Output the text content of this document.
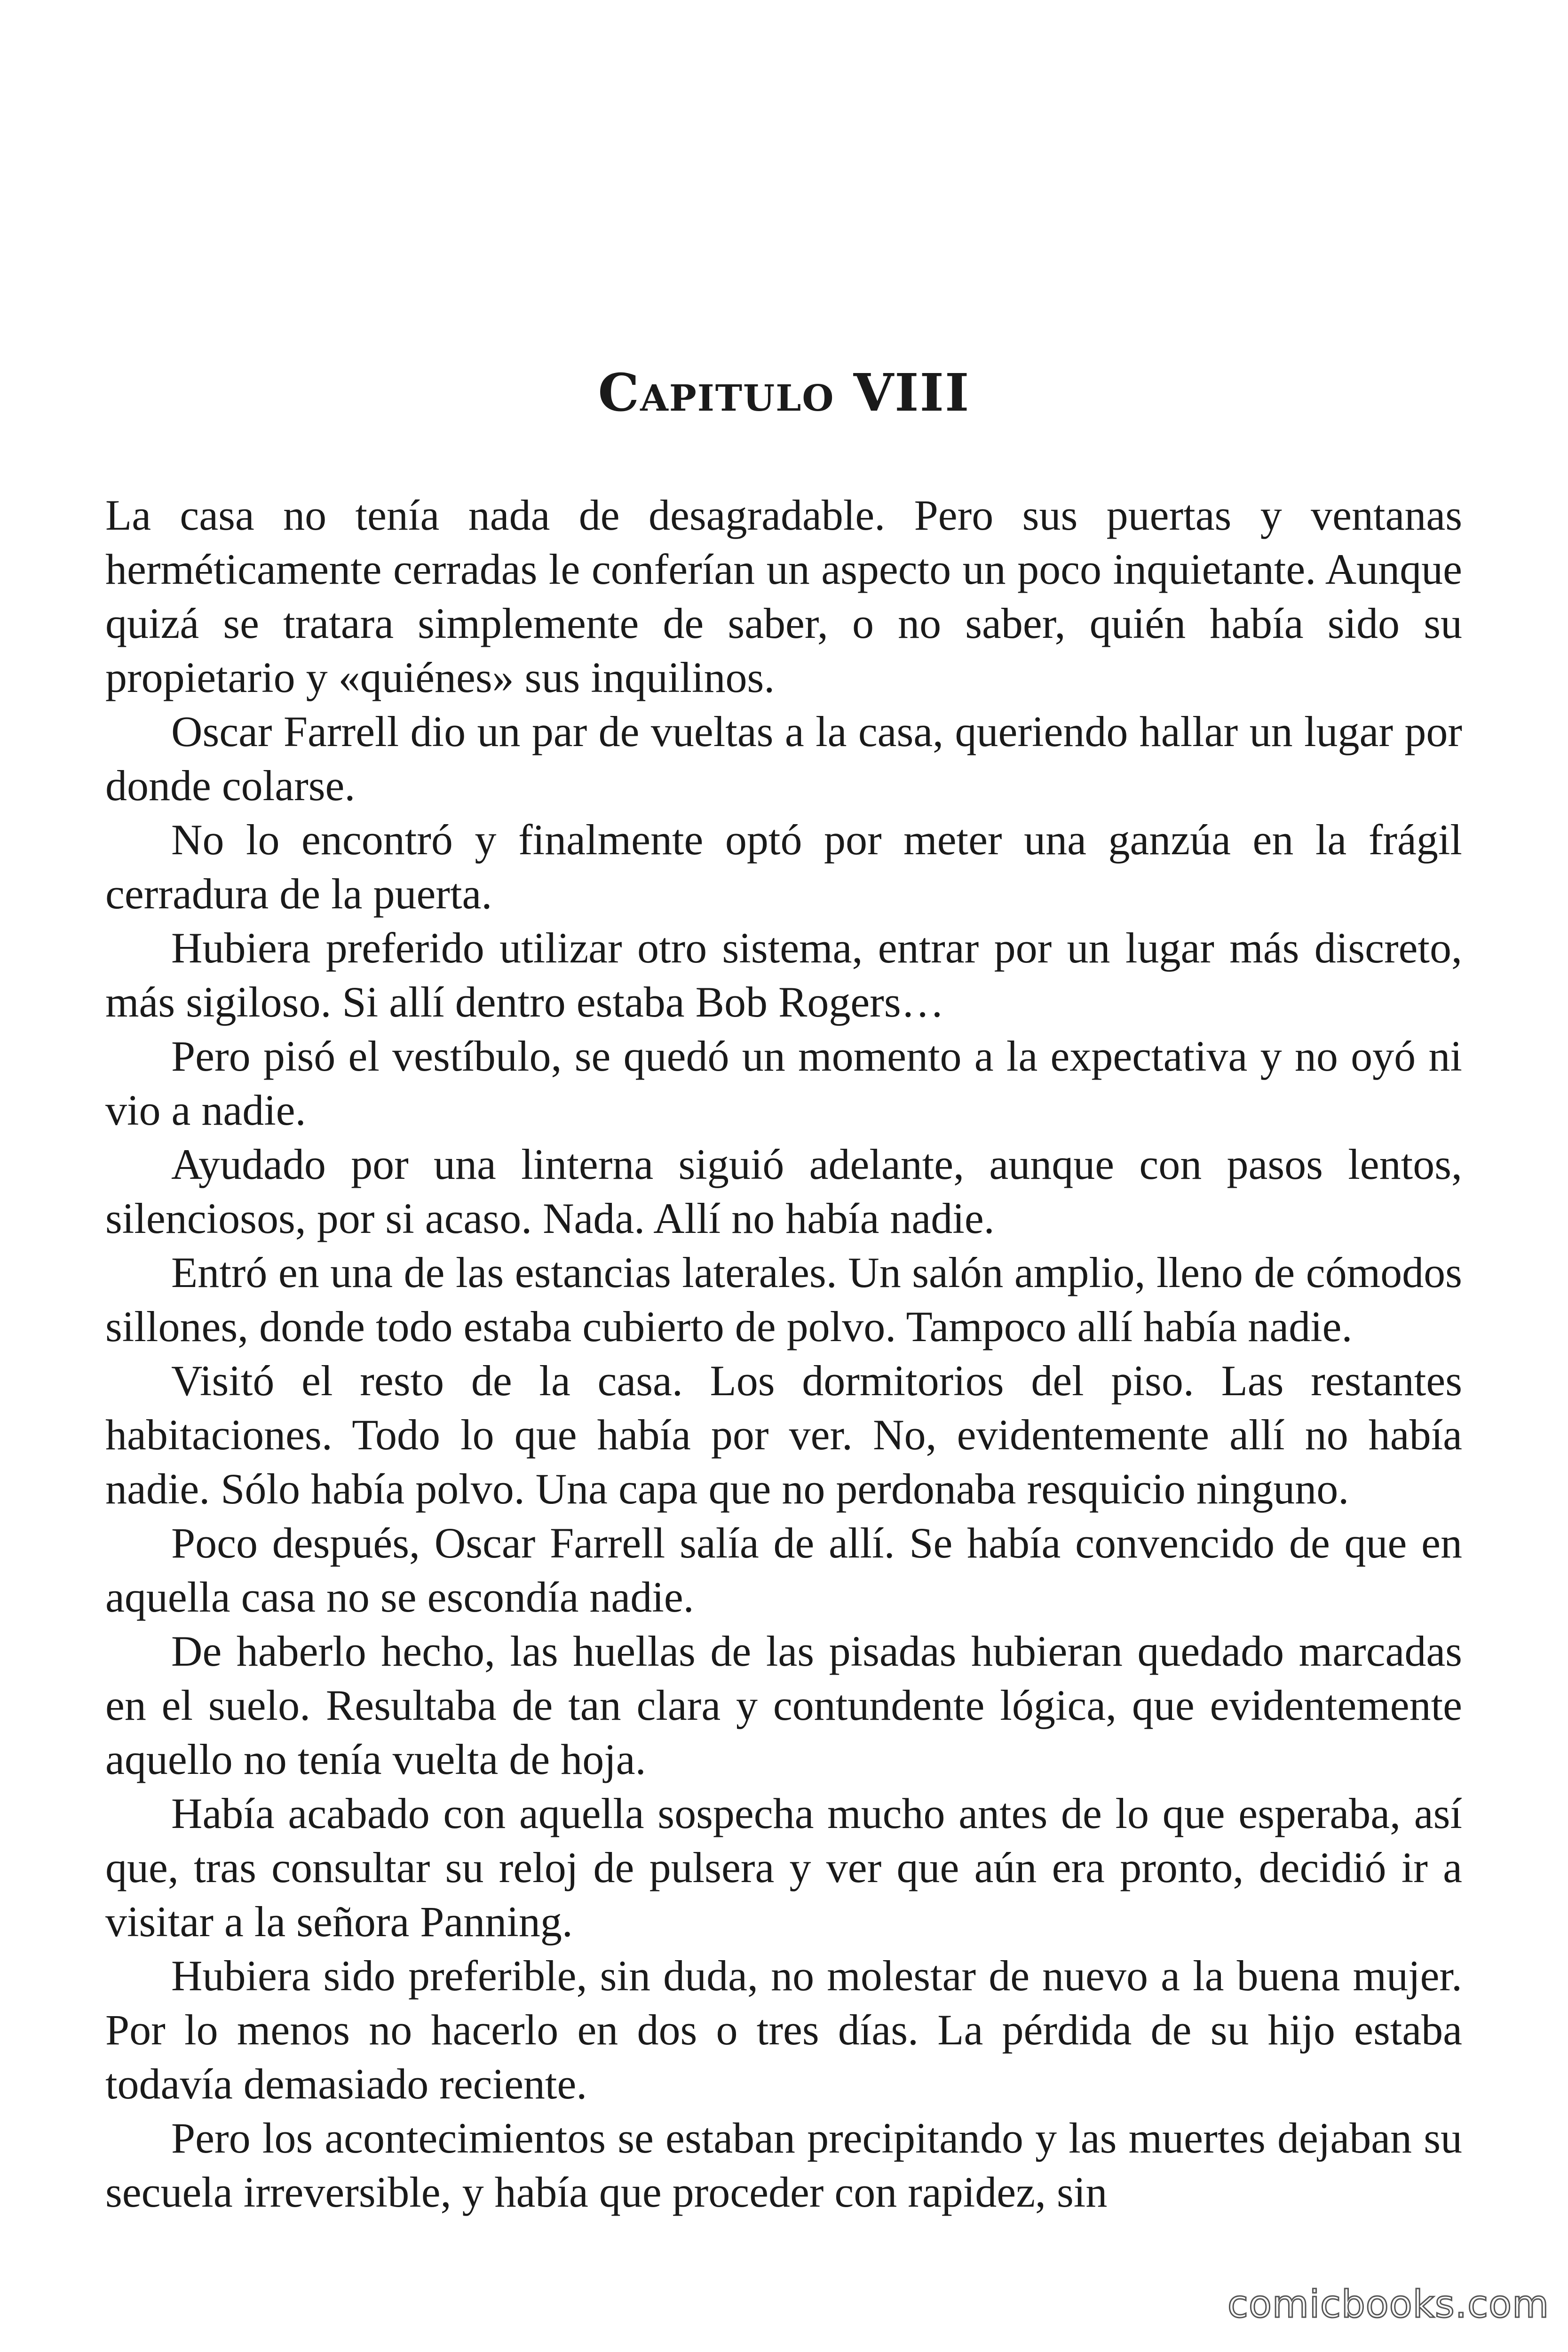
Capitulo VIII

La casa no tenía nada de desagradable. Pero sus puertas y ventanas herméticamente cerradas le conferían un aspecto un poco inquietante. Aunque quizá se tratara simplemente de saber, o no saber, quién había sido su propietario y «quiénes» sus inquilinos.

Oscar Farrell dio un par de vueltas a la casa, queriendo hallar un lugar por donde colarse.

No lo encontró y finalmente optó por meter una ganzúa en la frágil cerradura de la puerta.

Hubiera preferido utilizar otro sistema, entrar por un lugar más discreto, más sigiloso. Si allí dentro estaba Bob Rogers…

Pero pisó el vestíbulo, se quedó un momento a la expectativa y no oyó ni vio a nadie.

Ayudado por una linterna siguió adelante, aunque con pasos lentos, silenciosos, por si acaso. Nada. Allí no había nadie.

Entró en una de las estancias laterales. Un salón amplio, lleno de cómodos sillones, donde todo estaba cubierto de polvo. Tampoco allí había nadie.

Visitó el resto de la casa. Los dormitorios del piso. Las restantes habitaciones. Todo lo que había por ver. No, evidentemente allí no había nadie. Sólo había polvo. Una capa que no perdonaba resquicio ninguno.

Poco después, Oscar Farrell salía de allí. Se había convencido de que en aquella casa no se escondía nadie.

De haberlo hecho, las huellas de las pisadas hubieran quedado marcadas en el suelo. Resultaba de tan clara y contundente lógica, que evidentemente aquello no tenía vuelta de hoja.

Había acabado con aquella sospecha mucho antes de lo que esperaba, así que, tras consultar su reloj de pulsera y ver que aún era pronto, decidió ir a visitar a la señora Panning.

Hubiera sido preferible, sin duda, no molestar de nuevo a la buena mujer. Por lo menos no hacerlo en dos o tres días. La pérdida de su hijo estaba todavía demasiado reciente.

Pero los acontecimientos se estaban precipitando y las muertes dejaban su secuela irreversible, y había que proceder con rapidez, sin

comicbooks.com
